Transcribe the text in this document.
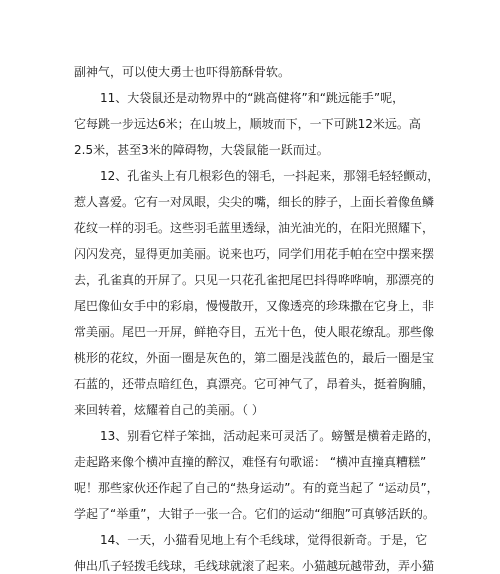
副神气，可以使大勇士也吓得筋酥骨软。
11、大袋鼠还是动物界中的“跳高健将”和“跳远能手”呢，
它每跳一步远达6米；在山坡上，顺坡而下，一下可跳12米远。高
2.5米，甚至3米的障碍物，大袋鼠能一跃而过。
12、孔雀头上有几根彩色的翎毛，一抖起来，那翎毛轻轻颤动，
惹人喜爱。它有一对凤眼，尖尖的嘴，细长的脖子，上面长着像鱼鳞
花纹一样的羽毛。这些羽毛蓝里透绿，油光油光的，在阳光照耀下，
闪闪发亮，显得更加美丽。说来也巧，同学们用花手帕在空中摆来摆
去，孔雀真的开屏了。只见一只花孔雀把尾巴抖得哗哗响，那漂亮的
尾巴像仙女手中的彩扇，慢慢散开，又像透亮的珍珠撒在它身上，非
常美丽。尾巴一开屏，鲜艳夺目，五光十色，使人眼花缭乱。那些像
桃形的花纹，外面一圈是灰色的，第二圈是浅蓝色的，最后一圈是宝
石蓝的，还带点暗红色，真漂亮。它可神气了，昂着头，挺着胸脯，
来回转着，炫耀着自己的美丽。（ ）
13、别看它样子笨拙，活动起来可灵活了。螃蟹是横着走路的，
走起路来像个横冲直撞的醉汉，难怪有句歌谣： “横冲直撞真糟糕”
呢！那些家伙还作起了自己的“热身运动”。有的竟当起了 “运动员”，
学起了“举重”，大钳子一张一合。它们的运动“细胞”可真够活跃的。
14、一天，小猫看见地上有个毛线球，觉得很新奇。于是，它
伸出爪子轻拨毛线球，毛线球就滚了起来。小猫越玩越带劲，弄小猫
